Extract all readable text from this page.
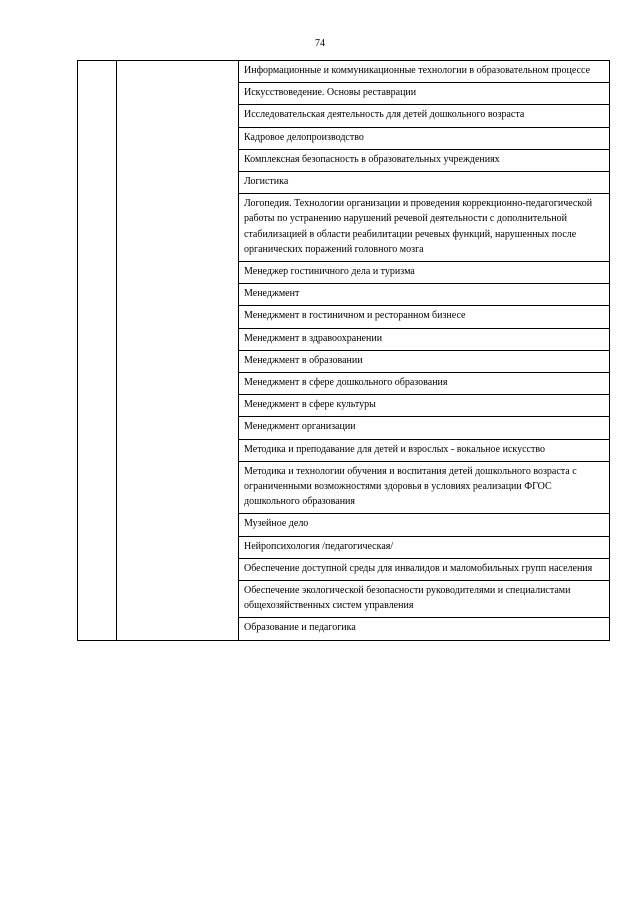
74

Информационные и коммуникационные технологии в образовательном процессе

Искусствоведение. Основы реставрации

Исследовательская деятельность для детей дошкольного возраста

Кадровое делопроизводство

Комплексная безопасность в образовательных учреждениях

Логистика

Логопедия. Технологии организации и проведения коррекционно-педагогической работы по устранению нарушений речевой деятельности с дополнительной стабилизацией в области реабилитации речевых функций, нарушенных после органических поражений головного мозга

Менеджер гостиничного дела и туризма

Менеджмент

Менеджмент в гостиничном и ресторанном бизнесе

Менеджмент в здравоохранении

Менеджмент в образовании

Менеджмент в сфере дошкольного образования

Менеджмент в сфере культуры

Менеджмент организации

Методика и преподавание для детей и взрослых - вокальное искусство

Методика и технологии обучения и воспитания детей дошкольного возраста с ограниченными возможностями здоровья в условиях реализации ФГОС дошкольного образования

Музейное дело

Нейропсихология /педагогическая/

Обеспечение доступной среды для инвалидов и маломобильных групп населения

Обеспечение экологической безопасности руководителями и специалистами общехозяйственных систем управления

Образование и педагогика
